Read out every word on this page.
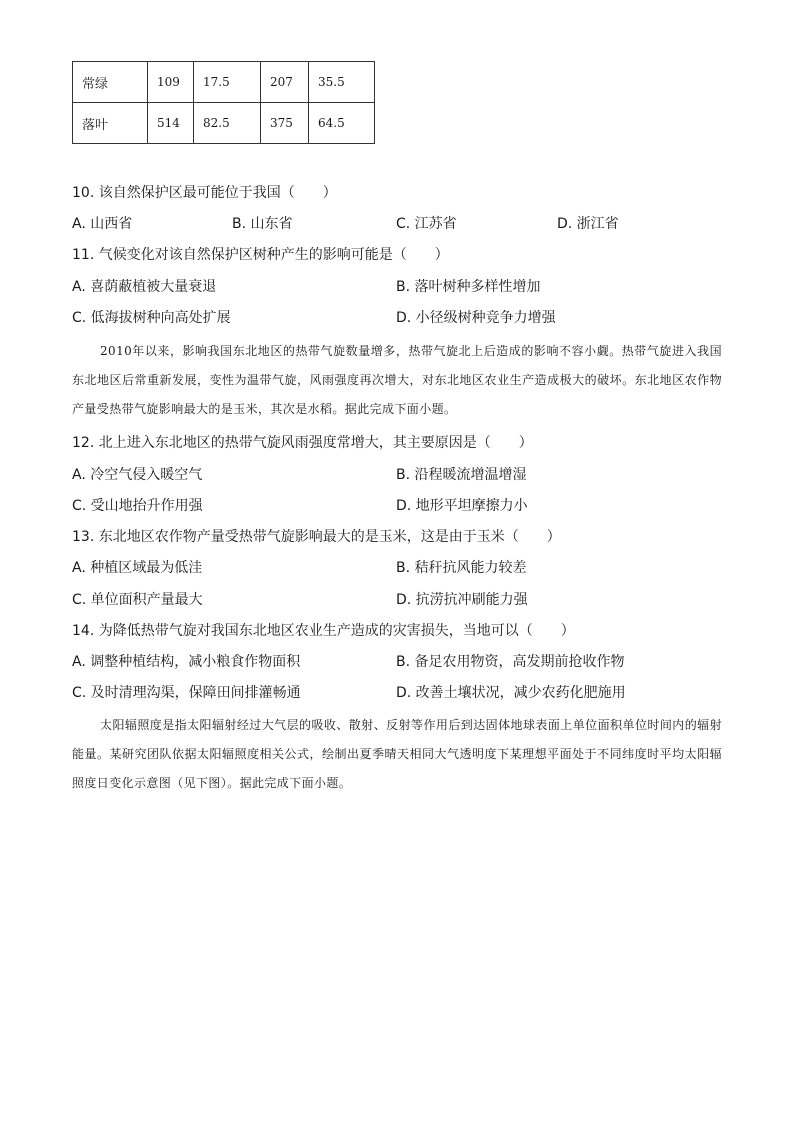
常绿	109	17.5	207	35.5
落叶	514	82.5	375	64.5
10. 该自然保护区最可能位于我国（　　）
A. 山西省	B. 山东省	C. 江苏省	D. 浙江省
11. 气候变化对该自然保护区树种产生的影响可能是（　　）
A. 喜荫蔽植被大量衰退	B. 落叶树种多样性增加
C. 低海拔树种向高处扩展	D. 小径级树种竞争力增强
2010年以来，影响我国东北地区的热带气旋数量增多，热带气旋北上后造成的影响不容小觑。热带气旋进入我国东北地区后常重新发展，变性为温带气旋，风雨强度再次增大，对东北地区农业生产造成极大的破坏。东北地区农作物产量受热带气旋影响最大的是玉米，其次是水稻。据此完成下面小题。
12. 北上进入东北地区的热带气旋风雨强度常增大，其主要原因是（　　）
A. 冷空气侵入暖空气	B. 沿程暖流增温增湿
C. 受山地抬升作用强	D. 地形平坦摩擦力小
13. 东北地区农作物产量受热带气旋影响最大的是玉米，这是由于玉米（　　）
A. 种植区域最为低洼	B. 秸秆抗风能力较差
C. 单位面积产量最大	D. 抗涝抗冲刷能力强
14. 为降低热带气旋对我国东北地区农业生产造成的灾害损失，当地可以（　　）
A. 调整种植结构，减小粮食作物面积	B. 备足农用物资，高发期前抢收作物
C. 及时清理沟渠，保障田间排灌畅通	D. 改善土壤状况，减少农药化肥施用
太阳辐照度是指太阳辐射经过大气层的吸收、散射、反射等作用后到达固体地球表面上单位面积单位时间内的辐射能量。某研究团队依据太阳辐照度相关公式，绘制出夏季晴天相同大气透明度下某理想平面处于不同纬度时平均太阳辐照度日变化示意图（见下图）。据此完成下面小题。
